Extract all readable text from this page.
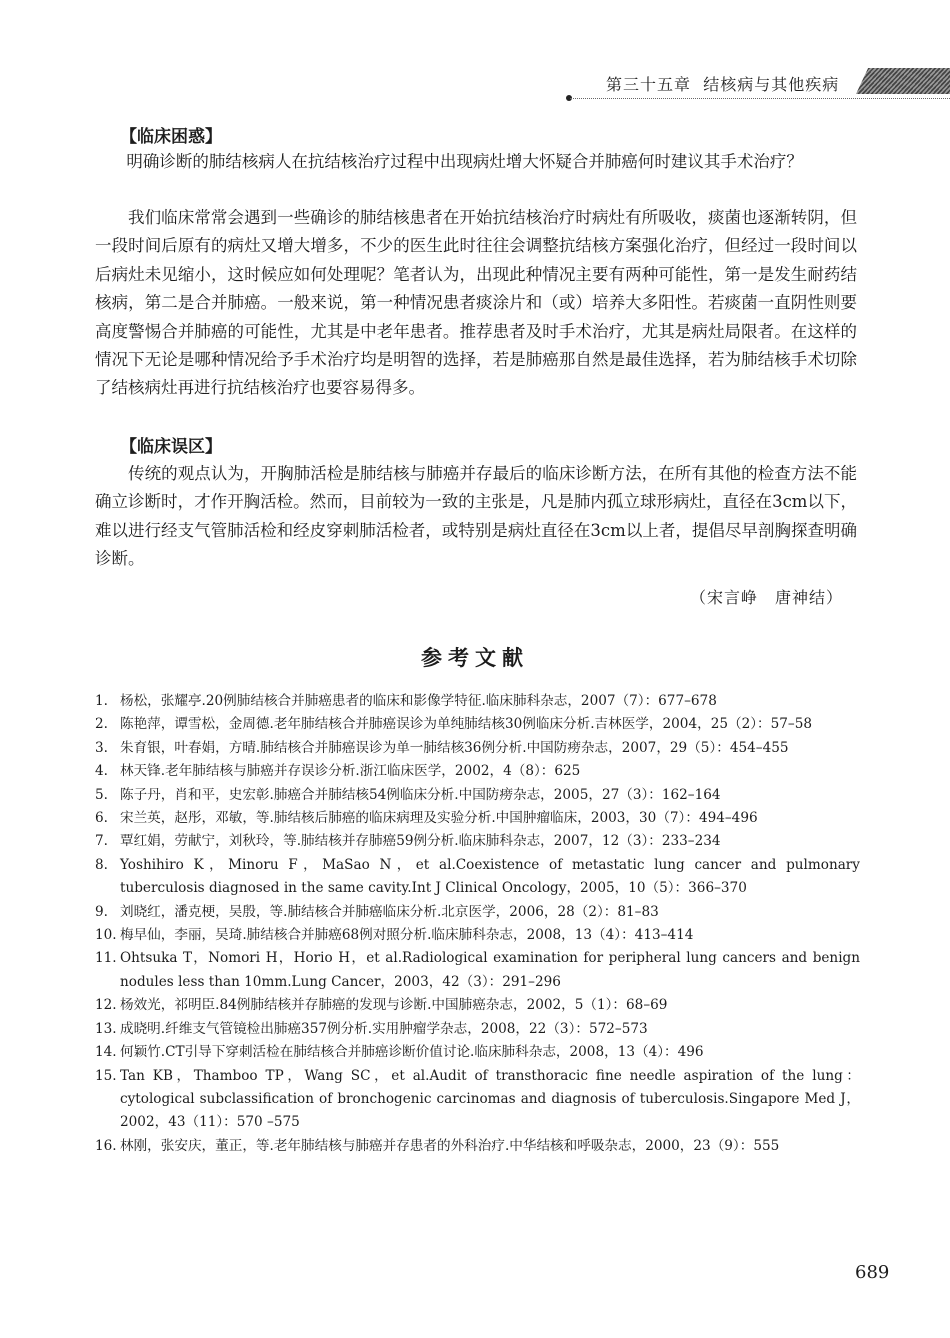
第三十五章 结核病与其他疾病
【临床困惑】

明确诊断的肺结核病人在抗结核治疗过程中出现病灶增大怀疑合并肺癌何时建议其手术治疗？

我们临床常常会遇到一些确诊的肺结核患者在开始抗结核治疗时病灶有所吸收，痰菌也逐渐转阴，但一段时间后原有的病灶又增大增多，不少的医生此时往往会调整抗结核方案强化治疗，但经过一段时间以后病灶未见缩小，这时候应如何处理呢？笔者认为，出现此种情况主要有两种可能性，第一是发生耐药结核病，第二是合并肺癌。一般来说，第一种情况患者痰涂片和（或）培养大多阳性。若痰菌一直阴性则要高度警惕合并肺癌的可能性，尤其是中老年患者。推荐患者及时手术治疗，尤其是病灶局限者。在这样的情况下无论是哪种情况给予手术治疗均是明智的选择，若是肺癌那自然是最佳选择，若为肺结核手术切除了结核病灶再进行抗结核治疗也要容易得多。

【临床误区】

传统的观点认为，开胸肺活检是肺结核与肺癌并存最后的临床诊断方法，在所有其他的检查方法不能确立诊断时，才作开胸活检。然而，目前较为一致的主张是，凡是肺内孤立球形病灶，直径在3cm以下，难以进行经支气管肺活检和经皮穿刺肺活检者，或特别是病灶直径在3cm以上者，提倡尽早剖胸探查明确诊断。

（宋言峥　唐神结）
参考文献
1. 杨松，张耀亭.20例肺结核合并肺癌患者的临床和影像学特征.临床肺科杂志，2007（7）：677–678
2. 陈艳萍，谭雪松，金周德.老年肺结核合并肺癌误诊为单纯肺结核30例临床分析.吉林医学，2004，25（2）：57–58
3. 朱育银，叶春娟，方晴.肺结核合并肺癌误诊为单一肺结核36例分析.中国防痨杂志，2007，29（5）：454–455
4. 林天锋.老年肺结核与肺癌并存误诊分析.浙江临床医学，2002，4（8）：625
5. 陈子丹，肖和平，史宏彰.肺癌合并肺结核54例临床分析.中国防痨杂志，2005，27（3）：162–164
6. 宋兰英，赵彤，邓敏，等.肺结核后肺癌的临床病理及实验分析.中国肿瘤临床，2003，30（7）：494–496
7. 覃红娟，劳献宁，刘秋玲，等.肺结核并存肺癌59例分析.临床肺科杂志，2007，12（3）：233–234
8. Yoshihiro K，Minoru F，MaSao N，et al.Coexistence of metastatic lung cancer and pulmonary tuberculosis diagnosed in the same cavity.Int J Clinical Oncology，2005，10（5）：366–370
9. 刘晓红，潘克梗，吴殷，等.肺结核合并肺癌临床分析.北京医学，2006，28（2）：81–83
10. 梅早仙，李丽，吴琦.肺结核合并肺癌68例对照分析.临床肺科杂志，2008，13（4）：413–414
11. Ohtsuka T，Nomori H，Horio H，et al.Radiological examination for peripheral lung cancers and benign nodules less than 10mm.Lung Cancer，2003，42（3）：291–296
12. 杨效光，祁明臣.84例肺结核并存肺癌的发现与诊断.中国肺癌杂志，2002，5（1）：68–69
13. 成晓明.纤维支气管镜检出肺癌357例分析.实用肿瘤学杂志，2008，22（3）：572–573
14. 何颖竹.CT引导下穿刺活检在肺结核合并肺癌诊断价值讨论.临床肺科杂志，2008，13（4）：496
15. Tan KB，Thamboo TP，Wang SC，et al.Audit of transthoracic fine needle aspiration of the lung：cytological subclassification of bronchogenic carcinomas and diagnosis of tuberculosis.Singapore Med J，2002，43（11）：570 –575
16. 林刚，张安庆，董正，等.老年肺结核与肺癌并存患者的外科治疗.中华结核和呼吸杂志，2000，23（9）：555
689
